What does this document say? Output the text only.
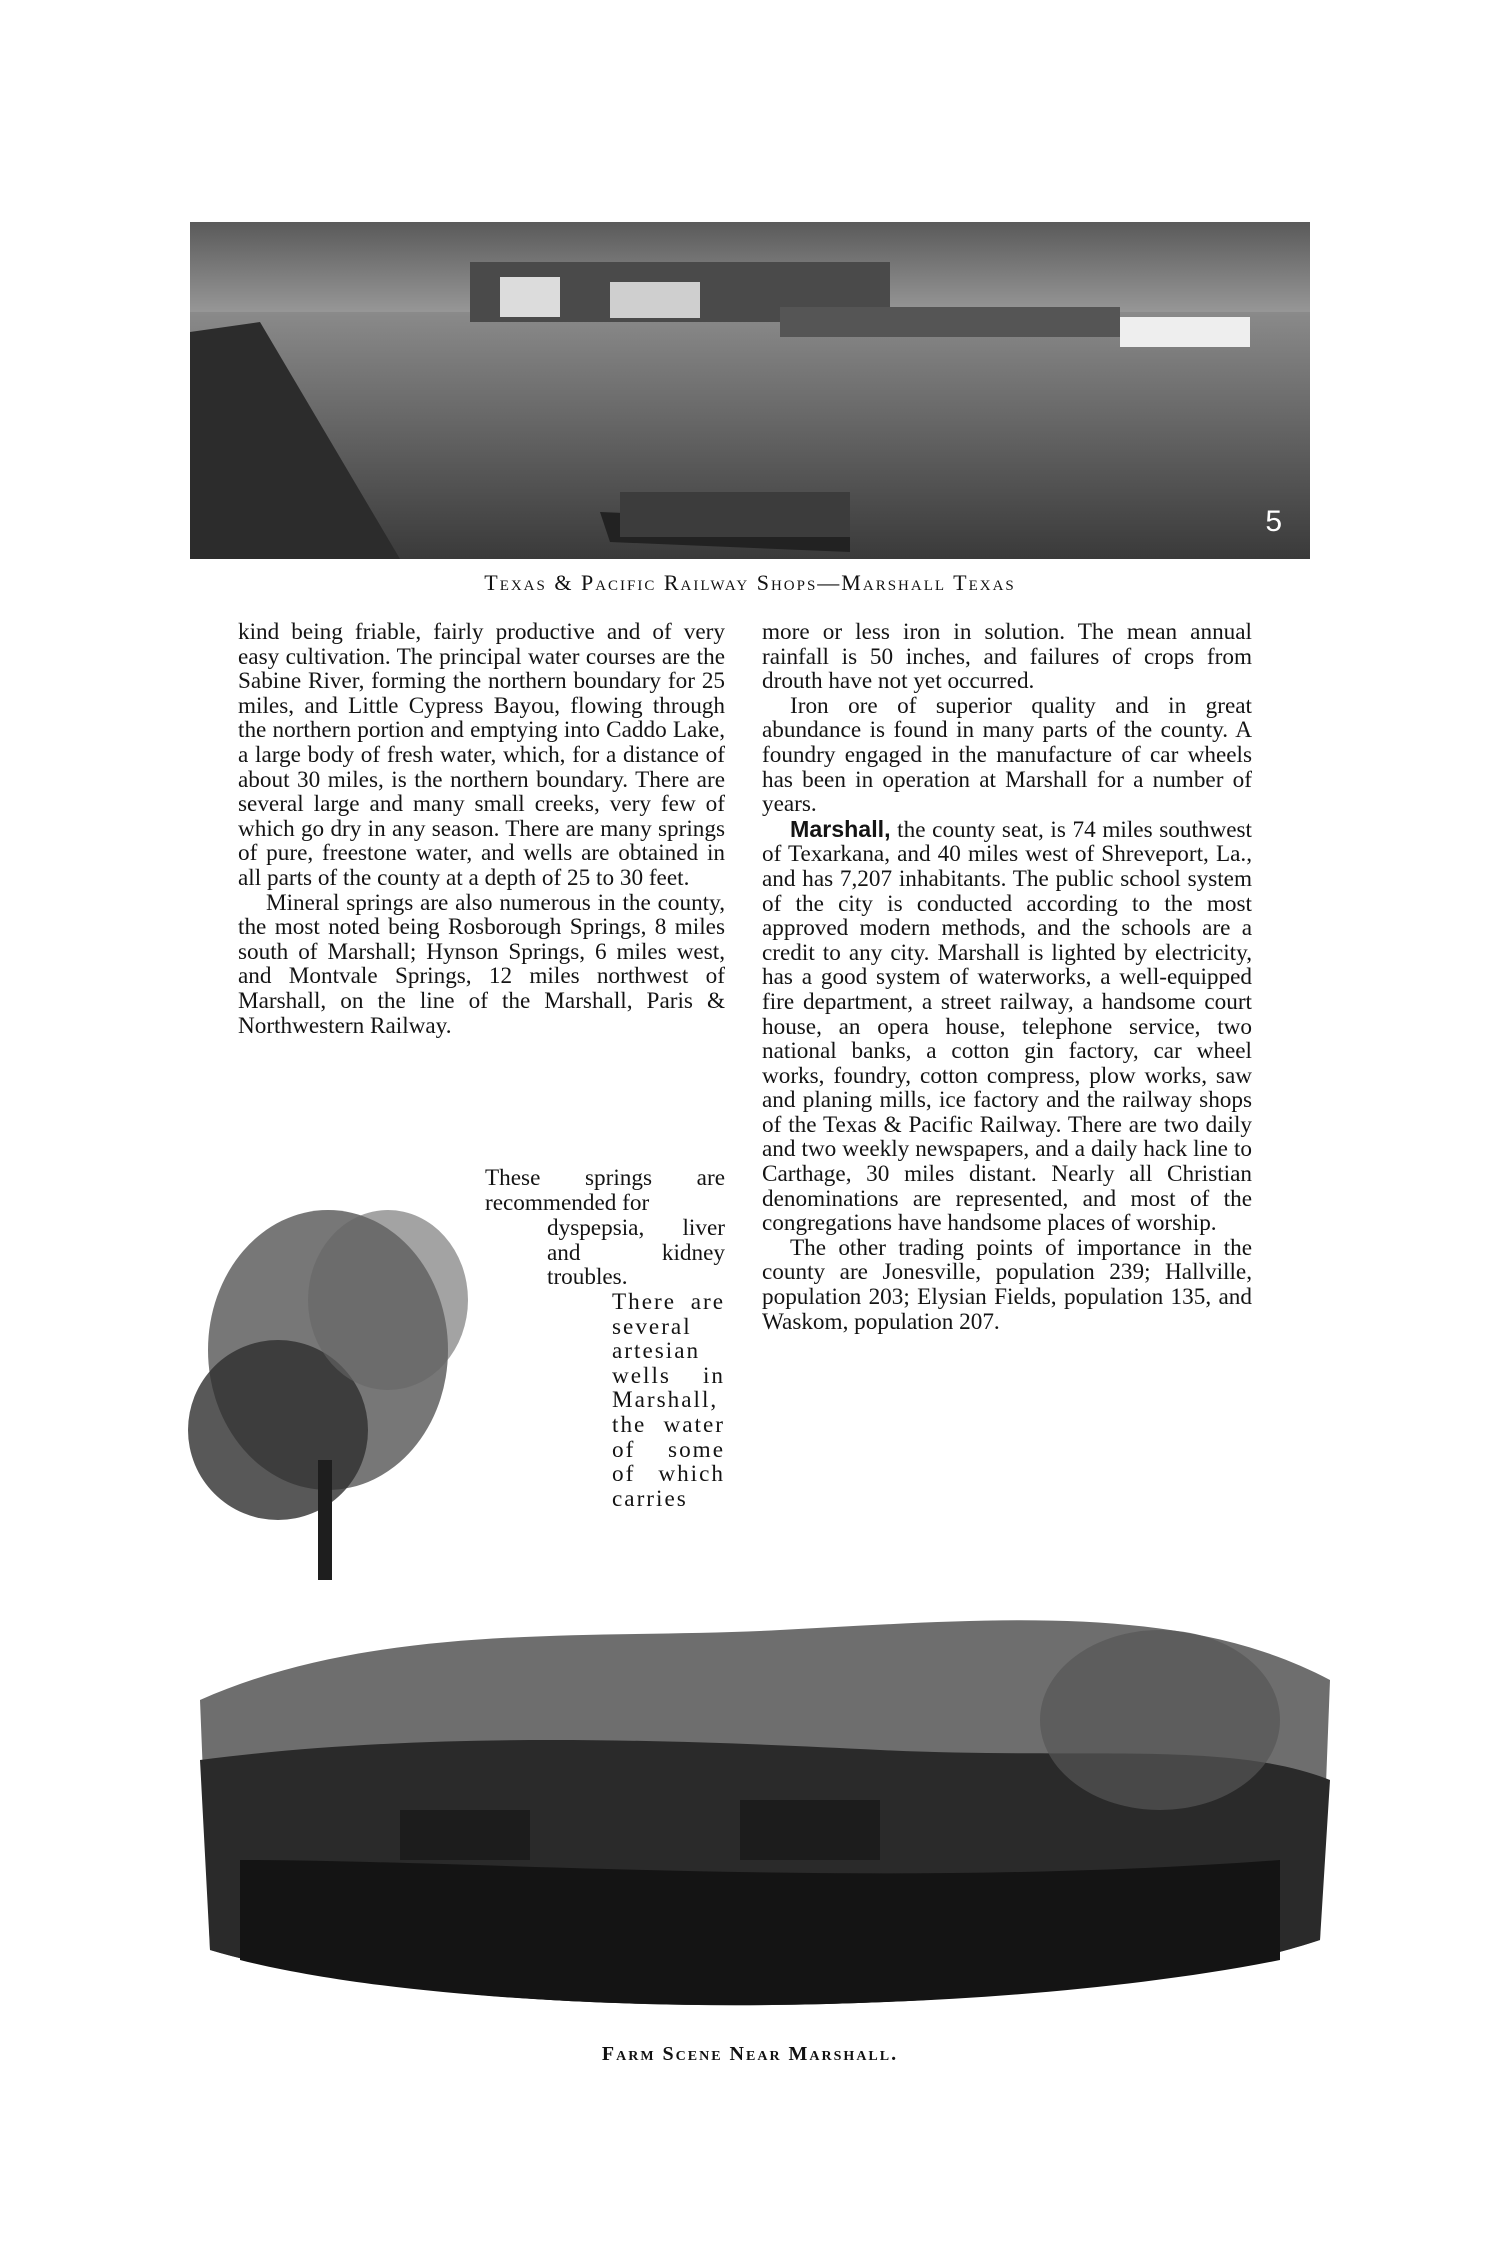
5
Texas & Pacific Railway Shops—Marshall Texas

kind being friable, fairly productive and of very easy cultivation. The principal water courses are the Sabine River, forming the northern boundary for 25 miles, and Little Cypress Bayou, flowing through the northern portion and emptying into Caddo Lake, a large body of fresh water, which, for a distance of about 30 miles, is the northern boundary. There are several large and many small creeks, very few of which go dry in any season. There are many springs of pure, freestone water, and wells are obtained in all parts of the county at a depth of 25 to 30 feet.

Mineral springs are also numerous in the county, the most noted being Rosborough Springs, 8 miles south of Marshall; Hynson Springs, 6 miles west, and Montvale Springs, 12 miles northwest of Marshall, on the line of the Marshall, Paris & Northwestern Railway.

These springs are recommended for
dyspepsia, liver and kidney troubles.
There are several artesian wells in Marshall, the water of some of which carries

more or less iron in solution. The mean annual rainfall is 50 inches, and failures of crops from drouth have not yet occurred.

Iron ore of superior quality and in great abundance is found in many parts of the county. A foundry engaged in the manufacture of car wheels has been in operation at Marshall for a number of years.

Marshall, the county seat, is 74 miles southwest of Texarkana, and 40 miles west of Shreveport, La., and has 7,207 inhabitants. The public school system of the city is conducted according to the most approved modern methods, and the schools are a credit to any city. Marshall is lighted by electricity, has a good system of waterworks, a well-equipped fire department, a street railway, a handsome court house, an opera house, telephone service, two national banks, a cotton gin factory, car wheel works, foundry, cotton compress, plow works, saw and planing mills, ice factory and the railway shops of the Texas & Pacific Railway. There are two daily and two weekly newspapers, and a daily hack line to Carthage, 30 miles distant. Nearly all Christian denominations are represented, and most of the congregations have handsome places of worship.

The other trading points of importance in the county are Jonesville, population 239; Hallville, population 203; Elysian Fields, population 135, and Waskom, population 207.

Farm Scene Near Marshall.
